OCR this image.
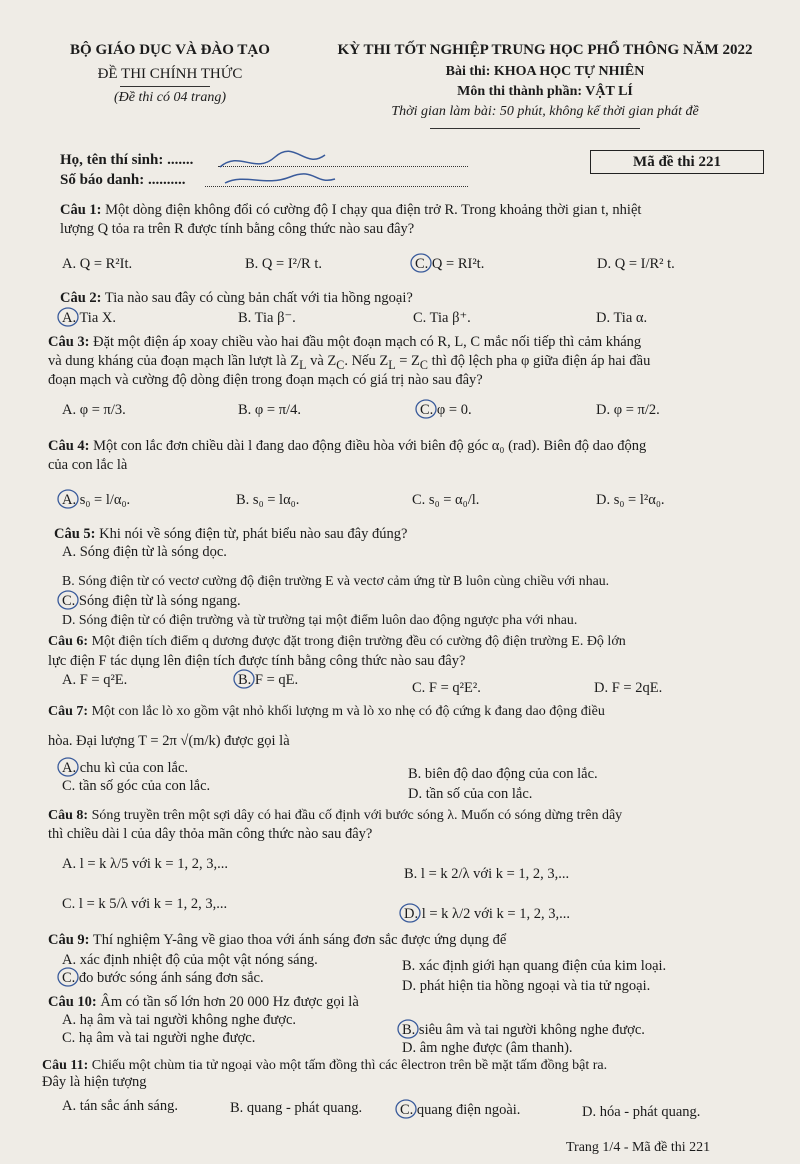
BỘ GIÁO DỤC VÀ ĐÀO TẠO
ĐỀ THI CHÍNH THỨC
(Đề thi có 04 trang)
KỲ THI TỐT NGHIỆP TRUNG HỌC PHỔ THÔNG NĂM 2022
Bài thi: KHOA HỌC TỰ NHIÊN
Môn thi thành phần: VẬT LÍ
Thời gian làm bài: 50 phút, không kể thời gian phát đề
Họ, tên thí sinh: .......
Số báo danh: ..........
Mã đề thi 221
Câu 1: Một dòng điện không đổi có cường độ I chạy qua điện trở R. Trong khoảng thời gian t, nhiệt
lượng Q tỏa ra trên R được tính bằng công thức nào sau đây?
A. Q = R²It.	B. Q = I²/R t.	C. Q = RI²t.	D. Q = I/R² t.
Câu 2: Tia nào sau đây có cùng bản chất với tia hồng ngoại?
A. Tia X.	B. Tia β⁻.	C. Tia β⁺.	D. Tia α.
Câu 3: Đặt một điện áp xoay chiều vào hai đầu một đoạn mạch có R, L, C mắc nối tiếp thì cảm kháng
và dung kháng của đoạn mạch lần lượt là $Z_L$ và $Z_C$. Nếu $Z_L = Z_C$ thì độ lệch pha φ giữa điện áp hai đầu
đoạn mạch và cường độ dòng điện trong đoạn mạch có giá trị nào sau đây?
A. φ = π/3.	B. φ = π/4.	C. φ = 0.	D. φ = π/2.
Câu 4: Một con lắc đơn chiều dài l đang dao động điều hòa với biên độ góc α₀ (rad). Biên độ dao động
của con lắc là
A. s₀ = l/α₀.	B. s₀ = lα₀.	C. s₀ = α₀/l.	D. s₀ = l²α₀.
Câu 5: Khi nói về sóng điện từ, phát biểu nào sau đây đúng?
A. Sóng điện từ là sóng dọc.
B. Sóng điện từ có vectơ cường độ điện trường E và vectơ cảm ứng từ B luôn cùng chiều với nhau.
C. Sóng điện từ là sóng ngang.
D. Sóng điện từ có điện trường và từ trường tại một điểm luôn dao động ngược pha với nhau.
Câu 6: Một điện tích điểm q dương được đặt trong điện trường đều có cường độ điện trường E. Độ lớn
lực điện F tác dụng lên điện tích được tính bằng công thức nào sau đây?
A. F = q²E.	B. F = qE.	C. F = q²E².	D. F = 2qE.
Câu 7: Một con lắc lò xo gồm vật nhỏ khối lượng m và lò xo nhẹ có độ cứng k đang dao động điều
hòa. Đại lượng T = 2π √(m/k) được gọi là
A. chu kì của con lắc.	B. biên độ dao động của con lắc.
C. tần số góc của con lắc.	D. tần số của con lắc.
Câu 8: Sóng truyền trên một sợi dây có hai đầu cố định với bước sóng λ. Muốn có sóng dừng trên dây
thì chiều dài l của dây thỏa mãn công thức nào sau đây?
A. l = k λ/5 với k = 1, 2, 3,...
B. l = k 2/λ với k = 1, 2, 3,...
C. l = k 5/λ với k = 1, 2, 3,...
D. l = k λ/2 với k = 1, 2, 3,...
Câu 9: Thí nghiệm Y-âng về giao thoa với ánh sáng đơn sắc được ứng dụng để
A. xác định nhiệt độ của một vật nóng sáng.	B. xác định giới hạn quang điện của kim loại.
C. đo bước sóng ánh sáng đơn sắc.	D. phát hiện tia hồng ngoại và tia tử ngoại.
Câu 10: Âm có tần số lớn hơn 20 000 Hz được gọi là
A. hạ âm và tai người không nghe được.
B. siêu âm và tai người không nghe được.
C. hạ âm và tai người nghe được.
D. âm nghe được (âm thanh).
Câu 11: Chiếu một chùm tia tử ngoại vào một tấm đồng thì các êlectron trên bề mặt tấm đồng bật ra.
Đây là hiện tượng
A. tán sắc ánh sáng.	B. quang - phát quang.	C. quang điện ngoài.	D. hóa - phát quang.
Trang 1/4 - Mã đề thi 221
